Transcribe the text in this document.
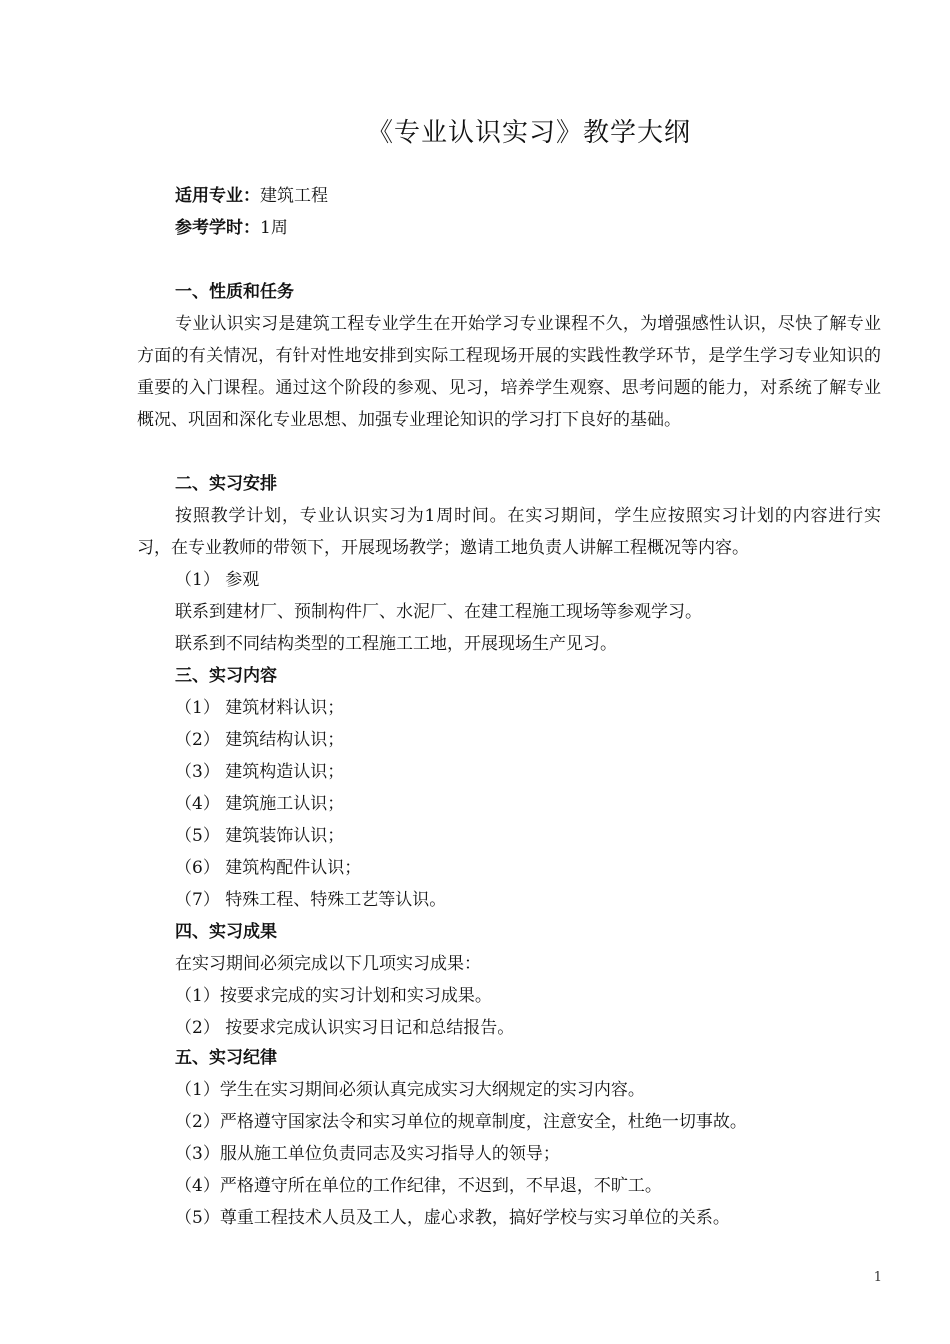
《专业认识实习》教学大纲
适用专业：建筑工程
参考学时：1周
一、性质和任务
专业认识实习是建筑工程专业学生在开始学习专业课程不久，为增强感性认识，尽快了解专业方面的有关情况，有针对性地安排到实际工程现场开展的实践性教学环节，是学生学习专业知识的重要的入门课程。通过这个阶段的参观、见习，培养学生观察、思考问题的能力，对系统了解专业概况、巩固和深化专业思想、加强专业理论知识的学习打下良好的基础。
二、实习安排
按照教学计划，专业认识实习为1周时间。在实习期间，学生应按照实习计划的内容进行实习，在专业教师的带领下，开展现场教学；邀请工地负责人讲解工程概况等内容。
（1） 参观
联系到建材厂、预制构件厂、水泥厂、在建工程施工现场等参观学习。
联系到不同结构类型的工程施工工地，开展现场生产见习。
三、实习内容
（1） 建筑材料认识；
（2） 建筑结构认识；
（3） 建筑构造认识；
（4） 建筑施工认识；
（5） 建筑装饰认识；
（6） 建筑构配件认识；
（7） 特殊工程、特殊工艺等认识。
四、实习成果
在实习期间必须完成以下几项实习成果：
（1）按要求完成的实习计划和实习成果。
（2） 按要求完成认识实习日记和总结报告。
五、实习纪律
（1）学生在实习期间必须认真完成实习大纲规定的实习内容。
（2）严格遵守国家法令和实习单位的规章制度，注意安全，杜绝一切事故。
（3）服从施工单位负责同志及实习指导人的领导；
（4）严格遵守所在单位的工作纪律，不迟到，不早退，不旷工。
（5）尊重工程技术人员及工人，虚心求教，搞好学校与实习单位的关系。
1
